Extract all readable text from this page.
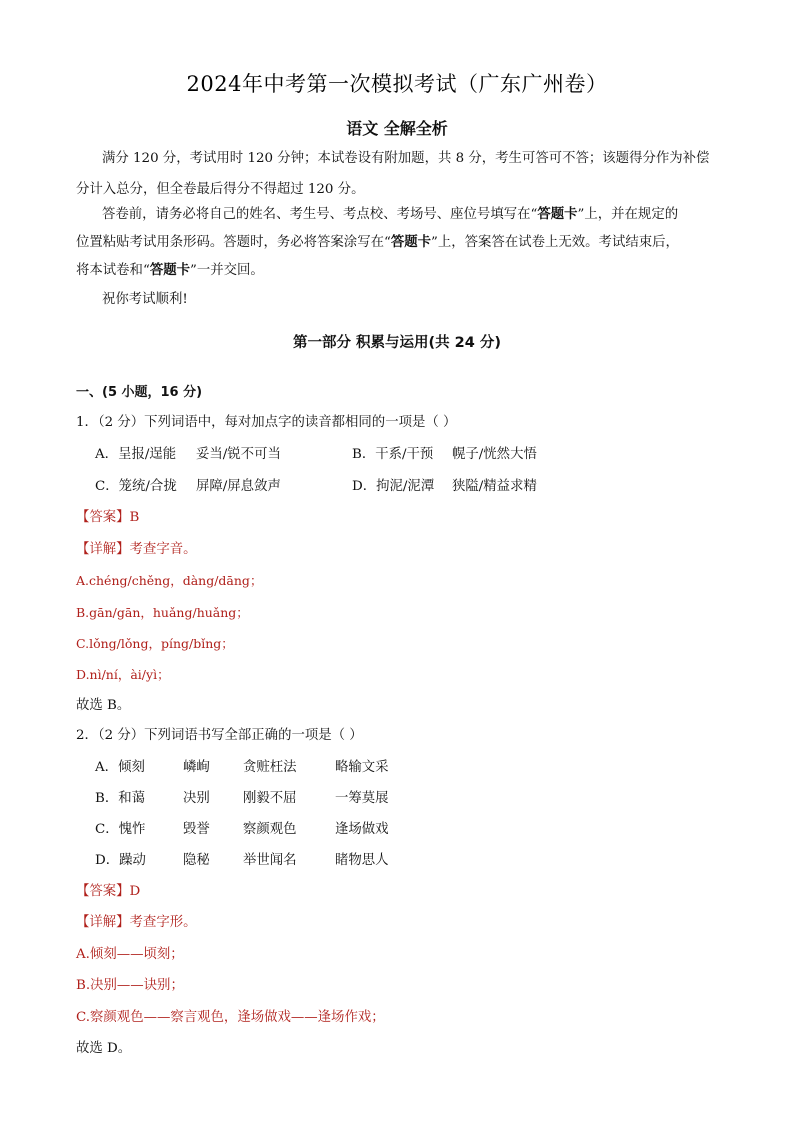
2024年中考第一次模拟考试（广东广州卷）
语文 全解全析
满分 120 分，考试用时 120 分钟；本试卷设有附加题，共 8 分，考生可答可不答；该题得分作为补偿
分计入总分，但全卷最后得分不得超过 120 分。
答卷前，请务必将自己的姓名、考生号、考点校、考场号、座位号填写在“答题卡”上，并在规定的
位置粘贴考试用条形码。答题时，务必将答案涂写在“答题卡”上，答案答在试卷上无效。考试结束后，
将本试卷和“答题卡”一并交回。
祝你考试顺利!
第一部分 积累与运用(共 24 分)
一、(5 小题，16 分)
1．（2 分）下列词语中，每对加点字的读音都相同的一项是（ ）
A．呈报/逞能 妥当/锐不可当	B．干系/干预 幌子/恍然大悟
C．笼统/合拢 屏障/屏息敛声	D．拘泥/泥潭 狭隘/精益求精
【答案】B
【详解】考查字音。
A.chéng/chěng，dàng/dāng；
B.gān/gān，huǎng/huǎng；
C.lǒng/lǒng，píng/bǐng；
D.nì/ní，ài/yì；
故选 B。
2．（2 分）下列词语书写全部正确的一项是（ ）
A．倾刻	嶙峋 贪赃枉法	略输文采
B．和蔼	决别 刚毅不屈	一筹莫展
C．愧怍	毁誉 察颜观色	逢场做戏
D．躁动	隐秘 举世闻名	睹物思人
【答案】D
【详解】考查字形。
A.倾刻——顷刻；
B.决别——诀别；
C.察颜观色——察言观色，逢场做戏——逢场作戏；
故选 D。
